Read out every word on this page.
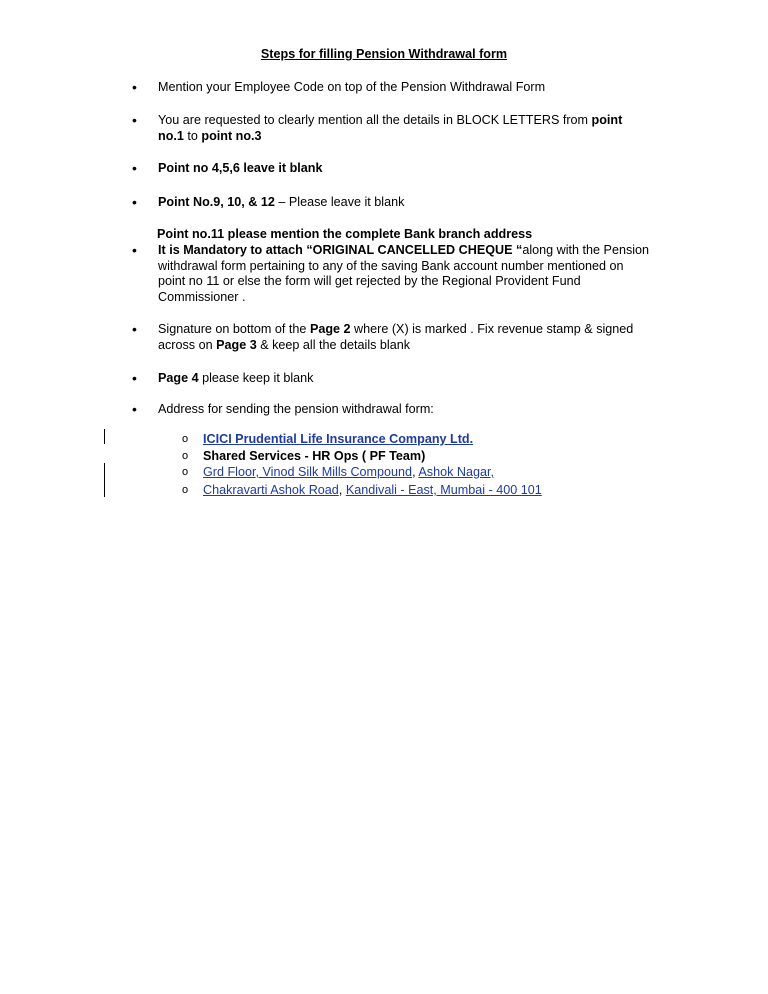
Steps for filling Pension Withdrawal form
• Mention your Employee Code on top of the Pension Withdrawal Form
• You are requested to clearly mention all the details in BLOCK LETTERS from point no.1 to point no.3
• Point no 4,5,6 leave it blank
• Point No.9, 10, & 12 – Please leave it blank
Point no.11 please mention the complete Bank branch address
• It is Mandatory to attach “ORIGINAL CANCELLED CHEQUE “along with the Pension withdrawal form pertaining to any of the saving Bank account number mentioned on point no 11 or else the form will get rejected by the Regional Provident Fund Commissioner .
• Signature on bottom of the Page 2 where (X) is marked . Fix revenue stamp & signed across on Page 3 & keep all the details blank
• Page 4 please keep it blank
• Address for sending the pension withdrawal form:
o ICICI Prudential Life Insurance Company Ltd.
o Shared Services - HR Ops ( PF Team)
o Grd Floor, Vinod Silk Mills Compound, Ashok Nagar,
o Chakravarti Ashok Road, Kandivali - East, Mumbai - 400 101
